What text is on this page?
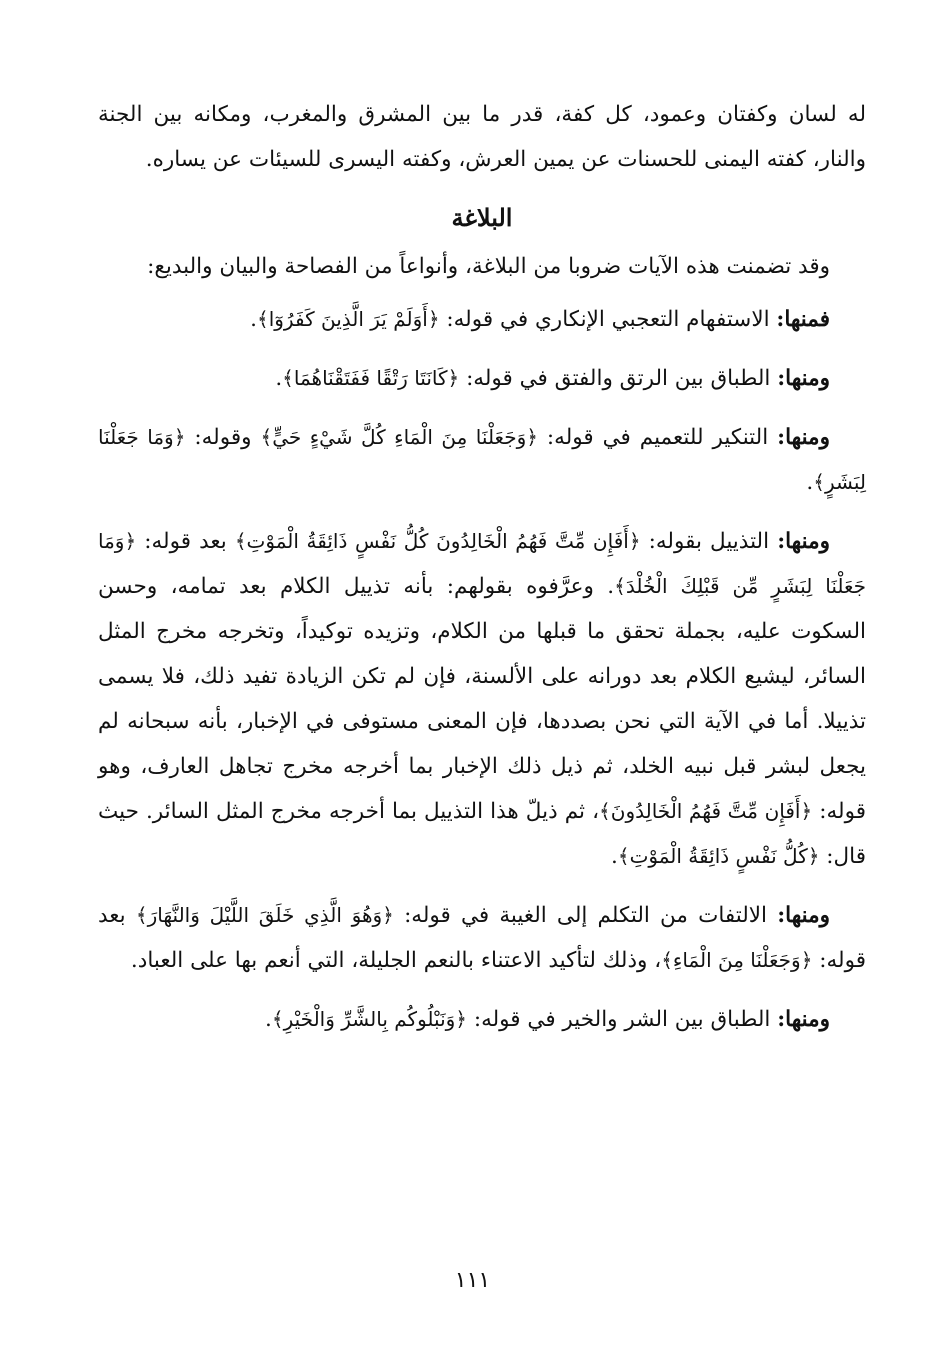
له لسان وكفتان وعمود، كل كفة، قدر ما بين المشرق والمغرب، ومكانه بين الجنة والنار، كفته اليمنى للحسنات عن يمين العرش، وكفته اليسرى للسيئات عن يساره.

البلاغة

وقد تضمنت هذه الآيات ضروبا من البلاغة، وأنواعاً من الفصاحة والبيان والبديع:

فمنها: الاستفهام التعجبي الإنكاري في قوله: ﴿أَوَلَمْ يَرَ الَّذِينَ كَفَرُوٓا﴾.

ومنها: الطباق بين الرتق والفتق في قوله: ﴿كَانَتَا رَتْقًا فَفَتَقْنَاهُمَا﴾.

ومنها: التنكير للتعميم في قوله: ﴿وَجَعَلْنَا مِنَ الْمَاءِ كُلَّ شَيْءٍ حَيٍّ﴾ وقوله: ﴿وَمَا جَعَلْنَا لِبَشَرٍ﴾.

ومنها: التذييل بقوله: ﴿أَفَإِن مِّتَّ فَهُمُ الْخَالِدُونَ كُلُّ نَفْسٍ ذَائِقَةُ الْمَوْتِ﴾ بعد قوله: ﴿وَمَا جَعَلْنَا لِبَشَرٍ مِّن قَبْلِكَ الْخُلْدَ﴾. وعرَّفوه بقولهم: بأنه تذييل الكلام بعد تمامه، وحسن السكوت عليه، بجملة تحقق ما قبلها من الكلام، وتزيده توكيداً، وتخرجه مخرج المثل السائر، ليشيع الكلام بعد دورانه على الألسنة، فإن لم تكن الزيادة تفيد ذلك، فلا يسمى تذييلا. أما في الآية التي نحن بصددها، فإن المعنى مستوفى في الإخبار، بأنه سبحانه لم يجعل لبشر قبل نبيه الخلد، ثم ذيل ذلك الإخبار بما أخرجه مخرج تجاهل العارف، وهو قوله: ﴿أَفَإِن مِّتَّ فَهُمُ الْخَالِدُونَ﴾، ثم ذيلّ هذا التذييل بما أخرجه مخرج المثل السائر. حيث قال: ﴿كُلُّ نَفْسٍ ذَائِقَةُ الْمَوْتِ﴾.

ومنها: الالتفات من التكلم إلى الغيبة في قوله: ﴿وَهُوَ الَّذِي خَلَقَ اللَّيْلَ وَالنَّهَارَ﴾ بعد قوله: ﴿وَجَعَلْنَا مِنَ الْمَاءِ﴾، وذلك لتأكيد الاعتناء بالنعم الجليلة، التي أنعم بها على العباد.

ومنها: الطباق بين الشر والخير في قوله: ﴿وَنَبْلُوكُم بِالشَّرِّ وَالْخَيْرِ﴾.

١١١
